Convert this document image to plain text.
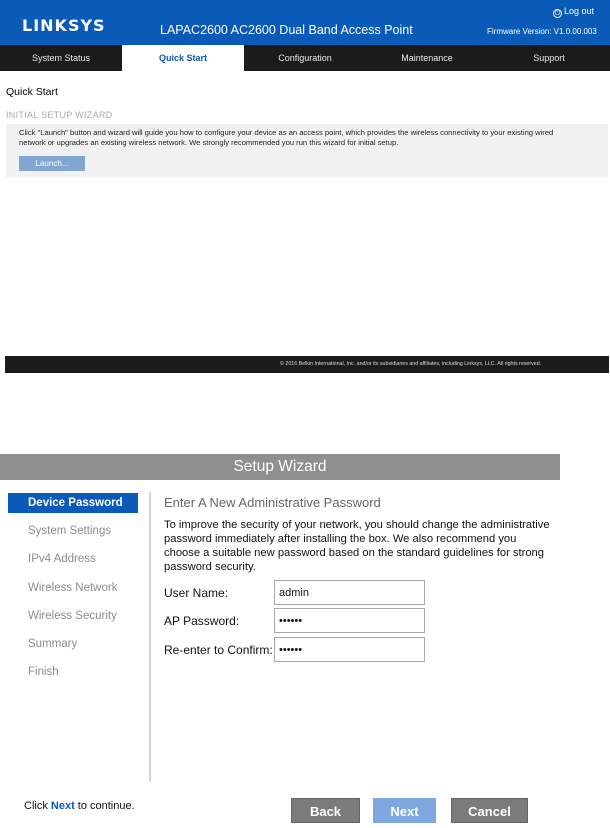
LINKSYS	LAPAC2600 AC2600 Dual Band Access Point
⏻ Log out
Firmware Version: V1.0.00.003
System Status	Quick Start	Configuration	Maintenance	Support
Quick Start
INITIAL SETUP WIZARD
Click "Launch" button and wizard will guide you how to configure your device as an access point, which provides the wireless connectivity to your existing wired network or upgrades an existing wireless network. We strongly recommended you run this wizard for initial setup.
Launch...
© 2016 Belkin International, Inc. and/or its subsidiaries and affiliates, including Linksys, LLC. All rights reserved.
Setup Wizard
Device Password
System Settings
IPv4 Address
Wireless Network
Wireless Security
Summary
Finish
Enter A New Administrative Password
To improve the security of your network, you should change the administrative password immediately after installing the box. We also recommend you choose a suitable new password based on the standard guidelines for strong password security.
User Name:
admin
AP Password:
••••••
Re-enter to Confirm:
••••••
Click Next to continue.	Back	Next	Cancel
